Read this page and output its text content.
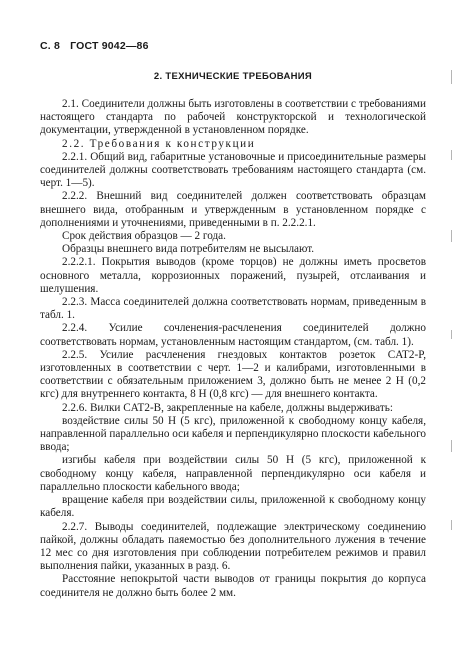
С. 8 ГОСТ 9042—86
2. ТЕХНИЧЕСКИЕ ТРЕБОВАНИЯ

2.1. Соединители должны быть изготовлены в соответствии с требованиями настоящего стандарта по рабочей конструкторской и технологической документации, утвержденной в установленном порядке.

2.2. Требования к конструкции

2.2.1. Общий вид, габаритные установочные и присоединительные размеры соединителей должны соответствовать требованиям настоящего стандарта (см. черт. 1—5).

2.2.2. Внешний вид соединителей должен соответствовать образцам внешнего вида, отобранным и утвержденным в установленном порядке с дополнениями и уточнениями, приведенными в п. 2.2.2.1.

Срок действия образцов — 2 года.

Образцы внешнего вида потребителям не высылают.

2.2.2.1. Покрытия выводов (кроме торцов) не должны иметь просветов основного металла, коррозионных поражений, пузырей, отслаивания и шелушения.

2.2.3. Масса соединителей должна соответствовать нормам, приведенным в табл. 1.

2.2.4. Усилие сочленения-расчленения соединителей должно соответствовать нормам, установленным настоящим стандартом, (см. табл. 1).

2.2.5. Усилие расчленения гнездовых контактов розеток CAT2-P, изготовленных в соответствии с черт. 1—2 и калибрами, изготовленными в соответствии с обязательным приложением 3, должно быть не менее 2 Н (0,2 кгс) для внутреннего контакта, 8 Н (0,8 кгс) — для внешнего контакта.

2.2.6. Вилки CAT2-B, закрепленные на кабеле, должны выдерживать:

воздействие силы 50 Н (5 кгс), приложенной к свободному концу кабеля, направленной параллельно оси кабеля и перпендикулярно плоскости кабельного ввода;

изгибы кабеля при воздействии силы 50 Н (5 кгс), приложенной к свободному концу кабеля, направленной перпендикулярно оси кабеля и параллельно плоскости кабельного ввода;

вращение кабеля при воздействии силы, приложенной к свободному концу кабеля.

2.2.7. Выводы соединителей, подлежащие электрическому соединению пайкой, должны обладать паяемостью без дополнительного лужения в течение 12 мес со дня изготовления при соблюдении потребителем режимов и правил выполнения пайки, указанных в разд. 6.

Расстояние непокрытой части выводов от границы покрытия до корпуса соединителя не должно быть более 2 мм.
